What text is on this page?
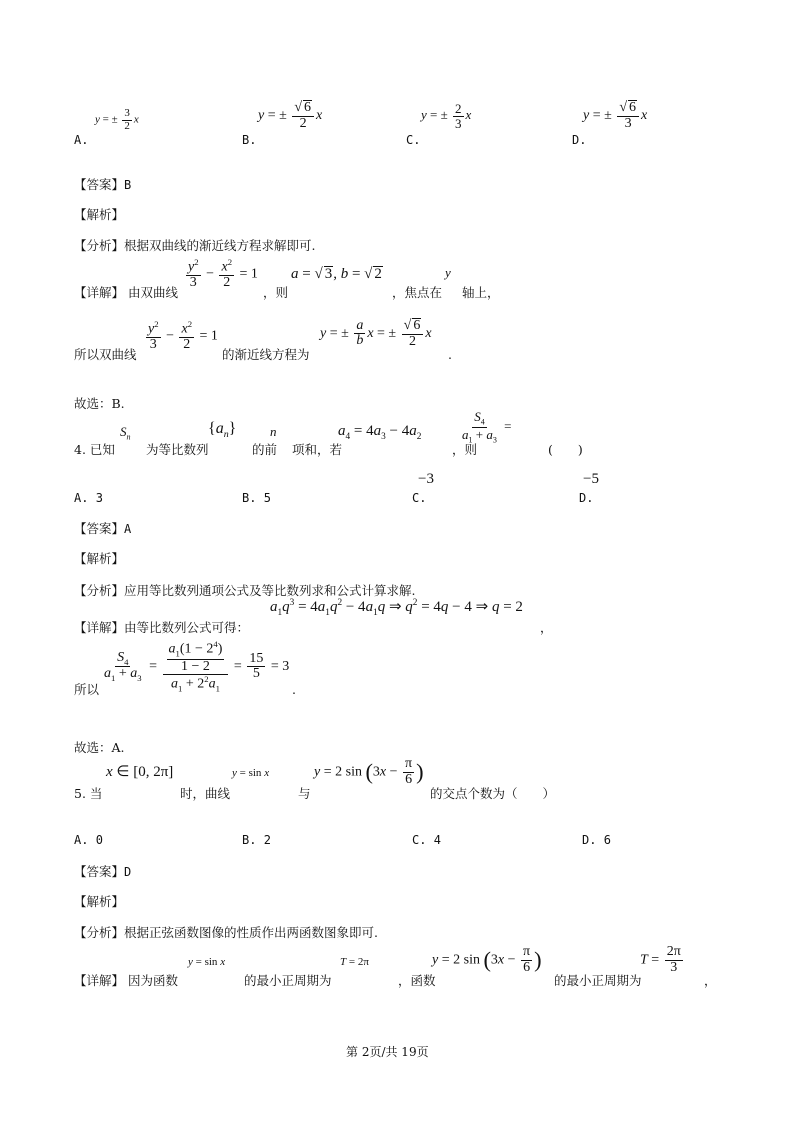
A.
y = ± $\frac{3}{2}$ x
B.
y = ± $\frac{√ 6}{2}$ x
C.
y = ± $\frac{2}{3}$ x
D.
y = ± $\frac{√ 6}{3}$ x
【答案】B
【解析】
【分析】根据双曲线的渐近线方程求解即可.
【详解】 由双曲线
$\frac{y^2}{3} - \frac{x^2}{2} = 1$
，则
a = √ 3, b = √ 2
，焦点在
y
轴上，
所以双曲线
$\frac{y^2}{3} - \frac{x^2}{2} = 1$
的渐近线方程为
y = ± $\frac{a}{b}$ x = ± $\frac{√ 6}{2}$ x
.
故选：B.
$S_n$
$\{a_n\}$	n	$a_4 = 4a_3 - 4a_2$	$\frac{S_4}{a_1 + a_3}$ =
4. 已知 为等比数列	的前 项和，若	，则	(　　)
A. 3	B. 5	C.
−3
D.
−5
【答案】A
【解析】
【分析】应用等比数列通项公式及等比数列求和公式计算求解.
$a_1q^3 = 4a_1q^2 - 4a_1q$ ⇒ $q^2 = 4q - 4$ ⇒ q = 2
【详解】由等比数列公式可得：	，
所以
$\frac{S_4}{a_1 + a_3} = \frac{\frac{a_1(1 - 2^4)}{1 - 2}}{a_1 + 2^2a_1} = \frac{15}{5} = 3$
.
故选：A.
x ∈ [0, 2π]	y = sin x	y = 2 $\sin (3x - \frac{\pi}{6}$ )
5. 当	时，曲线	与	的交点个数为（　　）
A. 0	B. 2	C. 4	D. 6
【答案】D
【解析】
【分析】根据正弦函数图像的性质作出两函数图象即可.
y = sin x	T = 2π	y = 2 $\sin (3x - \frac{\pi}{6}$ )	$T = \frac{2\pi}{3}$
【详解】 因为函数	的最小正周期为	，函数	的最小正周期为	，
第 2页/共 19页
